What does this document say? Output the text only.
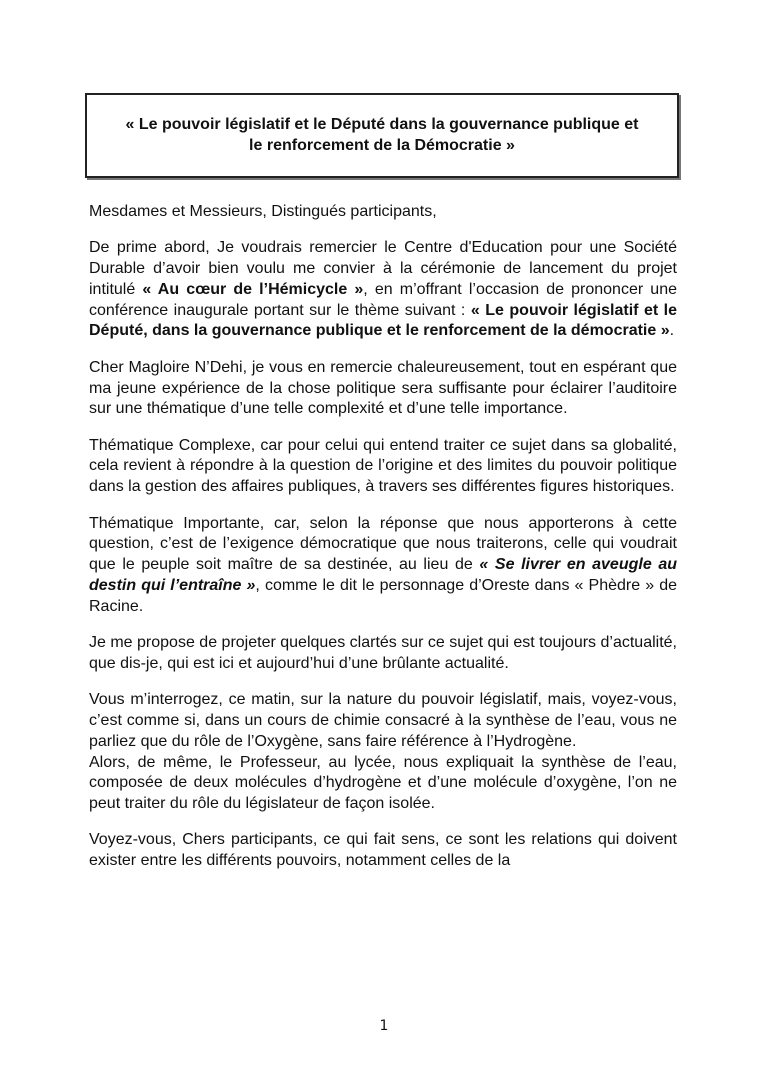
« Le pouvoir législatif et le Député dans la gouvernance publique et
le renforcement de la Démocratie »

Mesdames et Messieurs, Distingués participants,

De prime abord, Je voudrais remercier le Centre d'Education pour une Société Durable d’avoir bien voulu me convier à la cérémonie de lancement du projet intitulé « Au cœur de l’Hémicycle », en m’offrant l’occasion de prononcer une conférence inaugurale portant sur le thème suivant : « Le pouvoir législatif et le Député, dans la gouvernance publique et le renforcement de la démocratie ».

Cher Magloire N’Dehi, je vous en remercie chaleureusement, tout en espérant que ma jeune expérience de la chose politique sera suffisante pour éclairer l’auditoire sur une thématique d’une telle complexité et d’une telle importance.

Thématique Complexe, car pour celui qui entend traiter ce sujet dans sa globalité, cela revient à répondre à la question de l’origine et des limites du pouvoir politique dans la gestion des affaires publiques, à travers ses différentes figures historiques.

Thématique Importante, car, selon la réponse que nous apporterons à cette question, c’est de l’exigence démocratique que nous traiterons, celle qui voudrait que le peuple soit maître de sa destinée, au lieu de « Se livrer en aveugle au destin qui l’entraîne », comme le dit le personnage d’Oreste dans « Phèdre » de Racine.

Je me propose de projeter quelques clartés sur ce sujet qui est toujours d’actualité, que dis-je, qui est ici et aujourd’hui d’une brûlante actualité.

Vous m’interrogez, ce matin, sur la nature du pouvoir législatif, mais, voyez-vous, c’est comme si, dans un cours de chimie consacré à la synthèse de l’eau, vous ne parliez que du rôle de l’Oxygène, sans faire référence à l’Hydrogène.

Alors, de même, le Professeur, au lycée, nous expliquait la synthèse de l’eau, composée de deux molécules d’hydrogène et d’une molécule d’oxygène, l’on ne peut traiter du rôle du législateur de façon isolée.

Voyez-vous, Chers participants, ce qui fait sens, ce sont les relations qui doivent exister entre les différents pouvoirs, notamment celles de la

1
